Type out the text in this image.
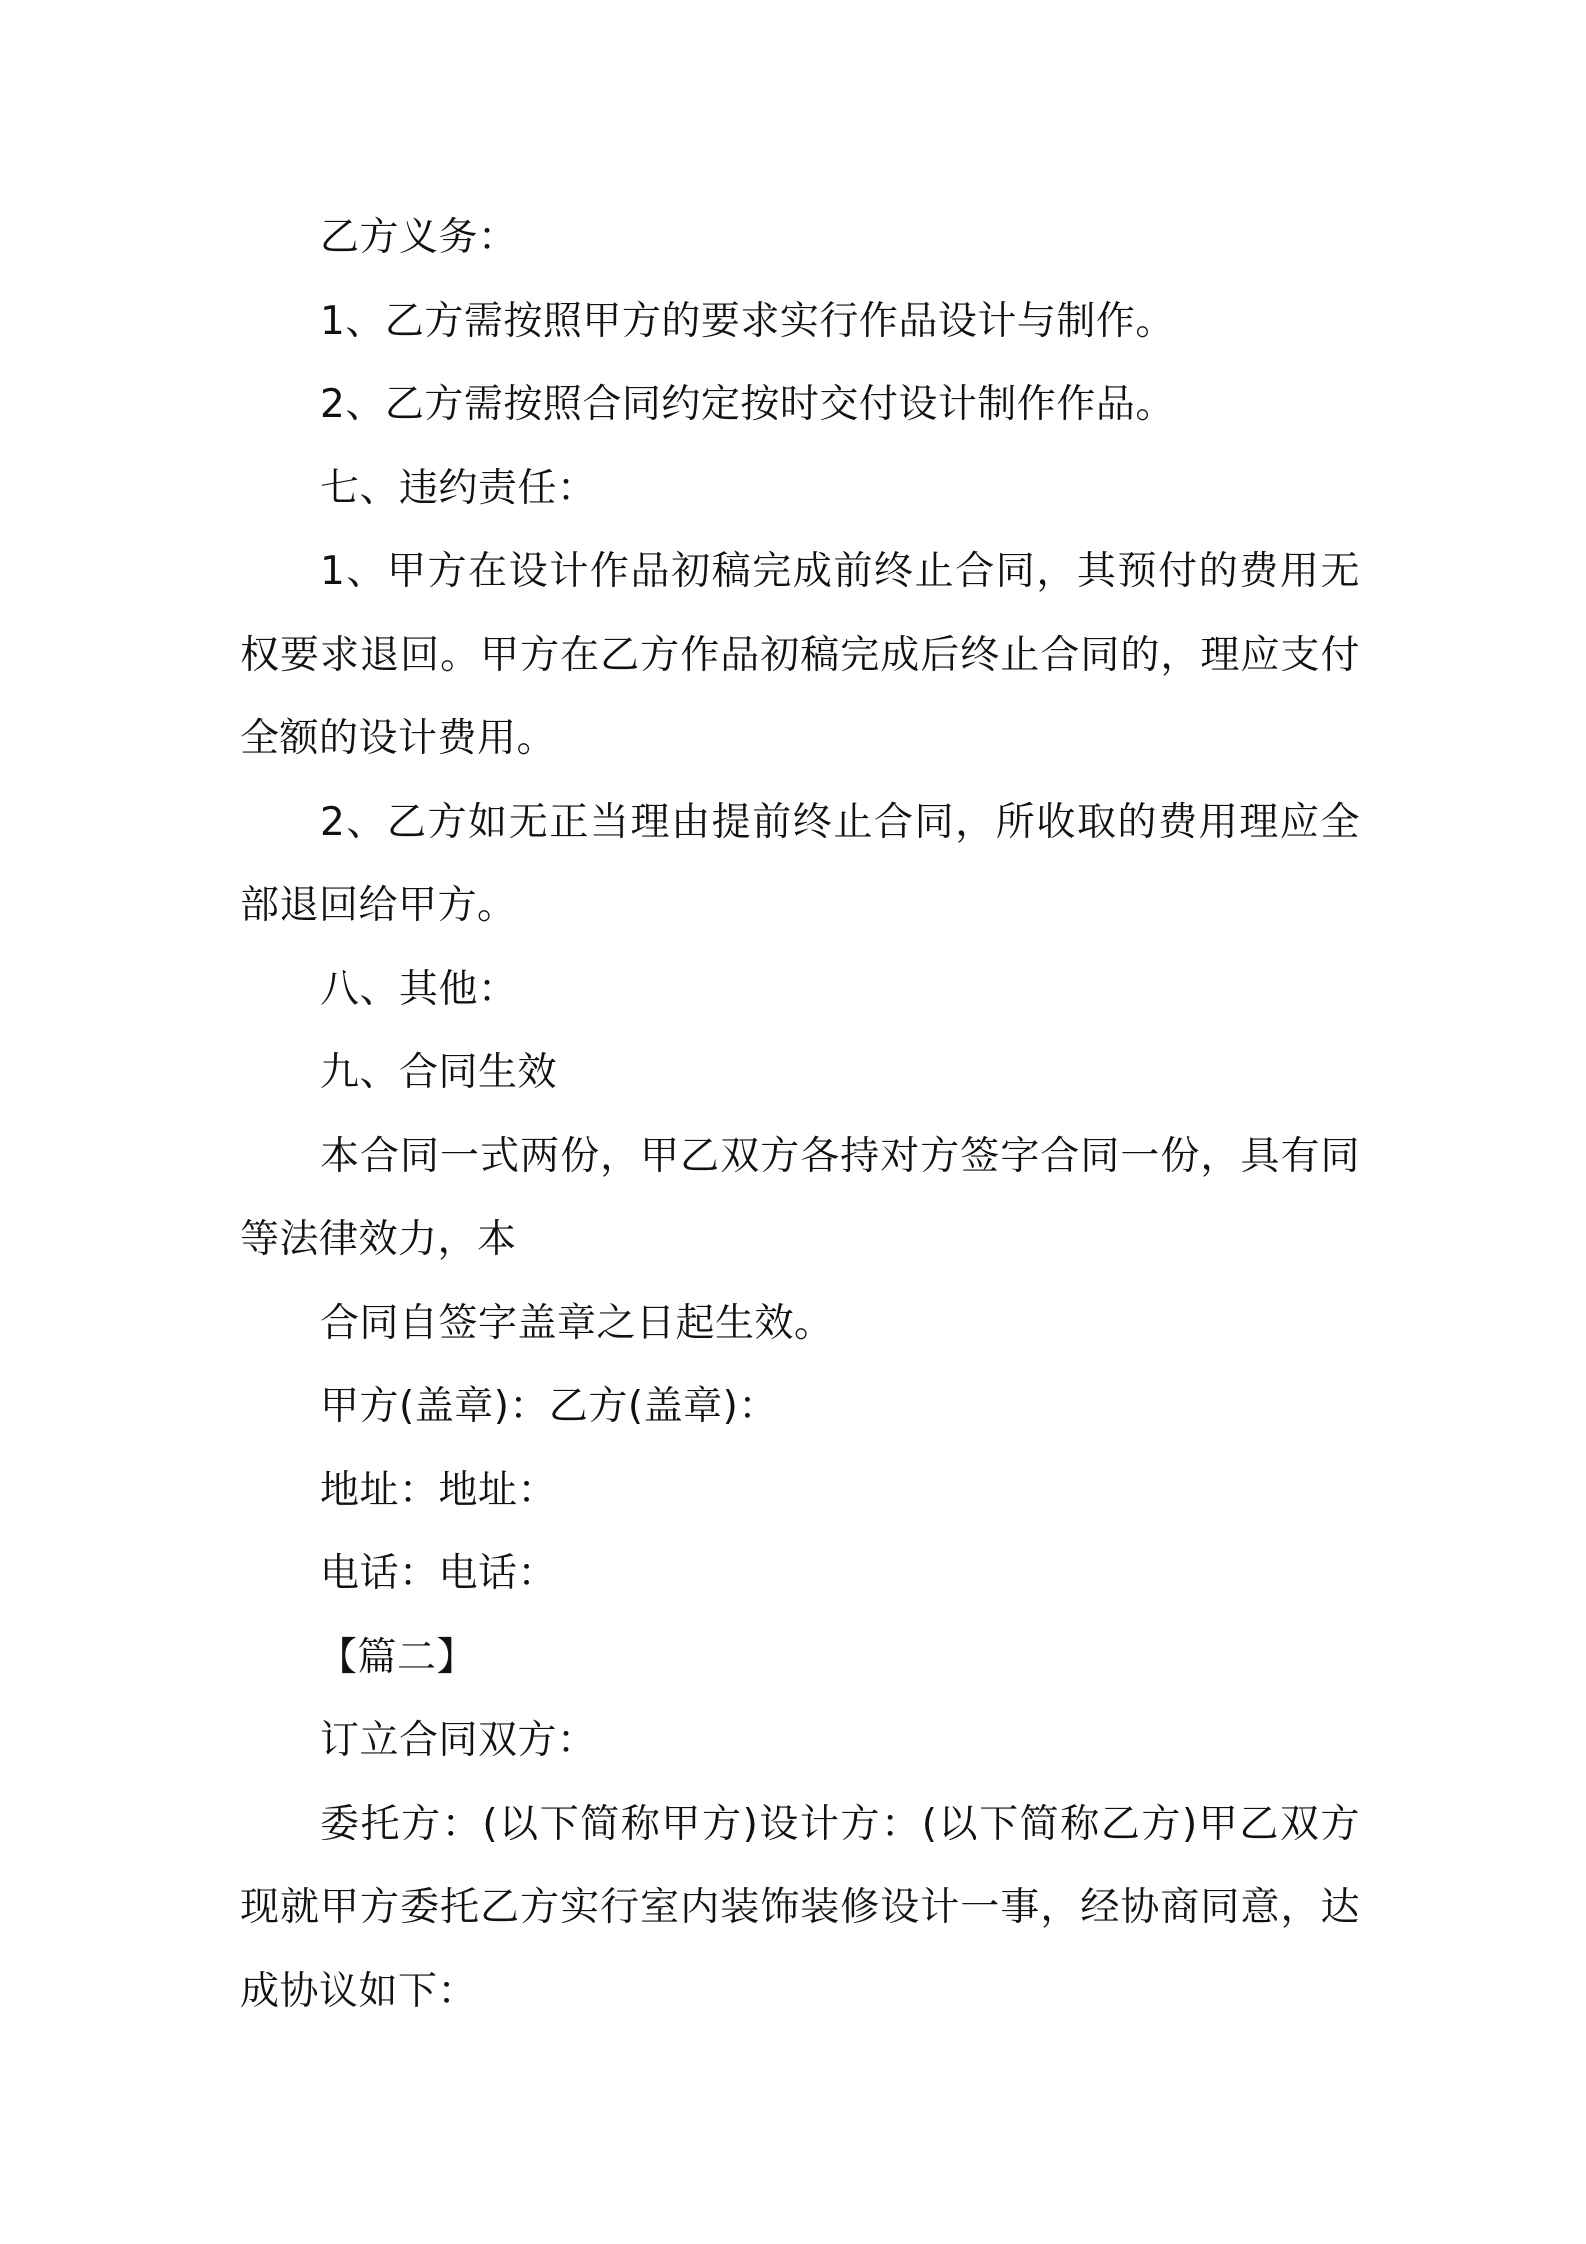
乙方义务：

1、乙方需按照甲方的要求实行作品设计与制作。

2、乙方需按照合同约定按时交付设计制作作品。

七、违约责任：

1、甲方在设计作品初稿完成前终止合同，其预付的费用无权要求退回。甲方在乙方作品初稿完成后终止合同的，理应支付全额的设计费用。

2、乙方如无正当理由提前终止合同，所收取的费用理应全部退回给甲方。

八、其他：

九、合同生效

本合同一式两份，甲乙双方各持对方签字合同一份，具有同等法律效力，本

合同自签字盖章之日起生效。

甲方(盖章)：乙方(盖章)：

地址：地址：

电话：电话：

【篇二】

订立合同双方：

委托方：(以下简称甲方)设计方：(以下简称乙方)甲乙双方现就甲方委托乙方实行室内装饰装修设计一事，经协商同意，达成协议如下：
